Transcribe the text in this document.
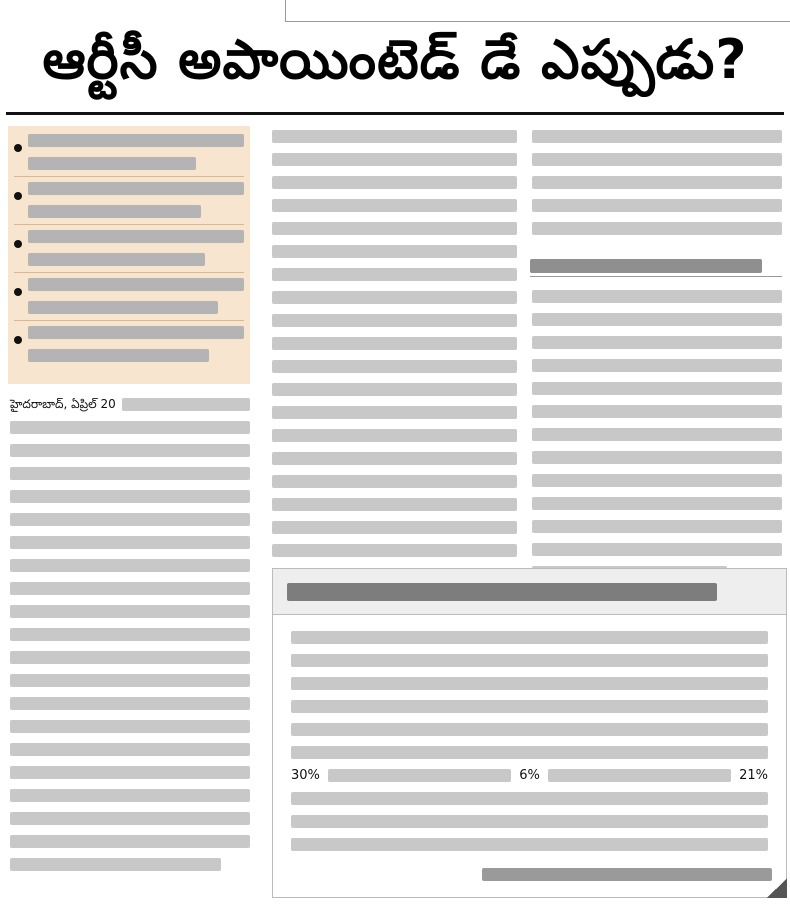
ఆర్టీసీ అపాయింటెడ్ డే ఎప్పుడు?
హైదరాబాద్, ఏప్రిల్ 20
30%	6%	21%
